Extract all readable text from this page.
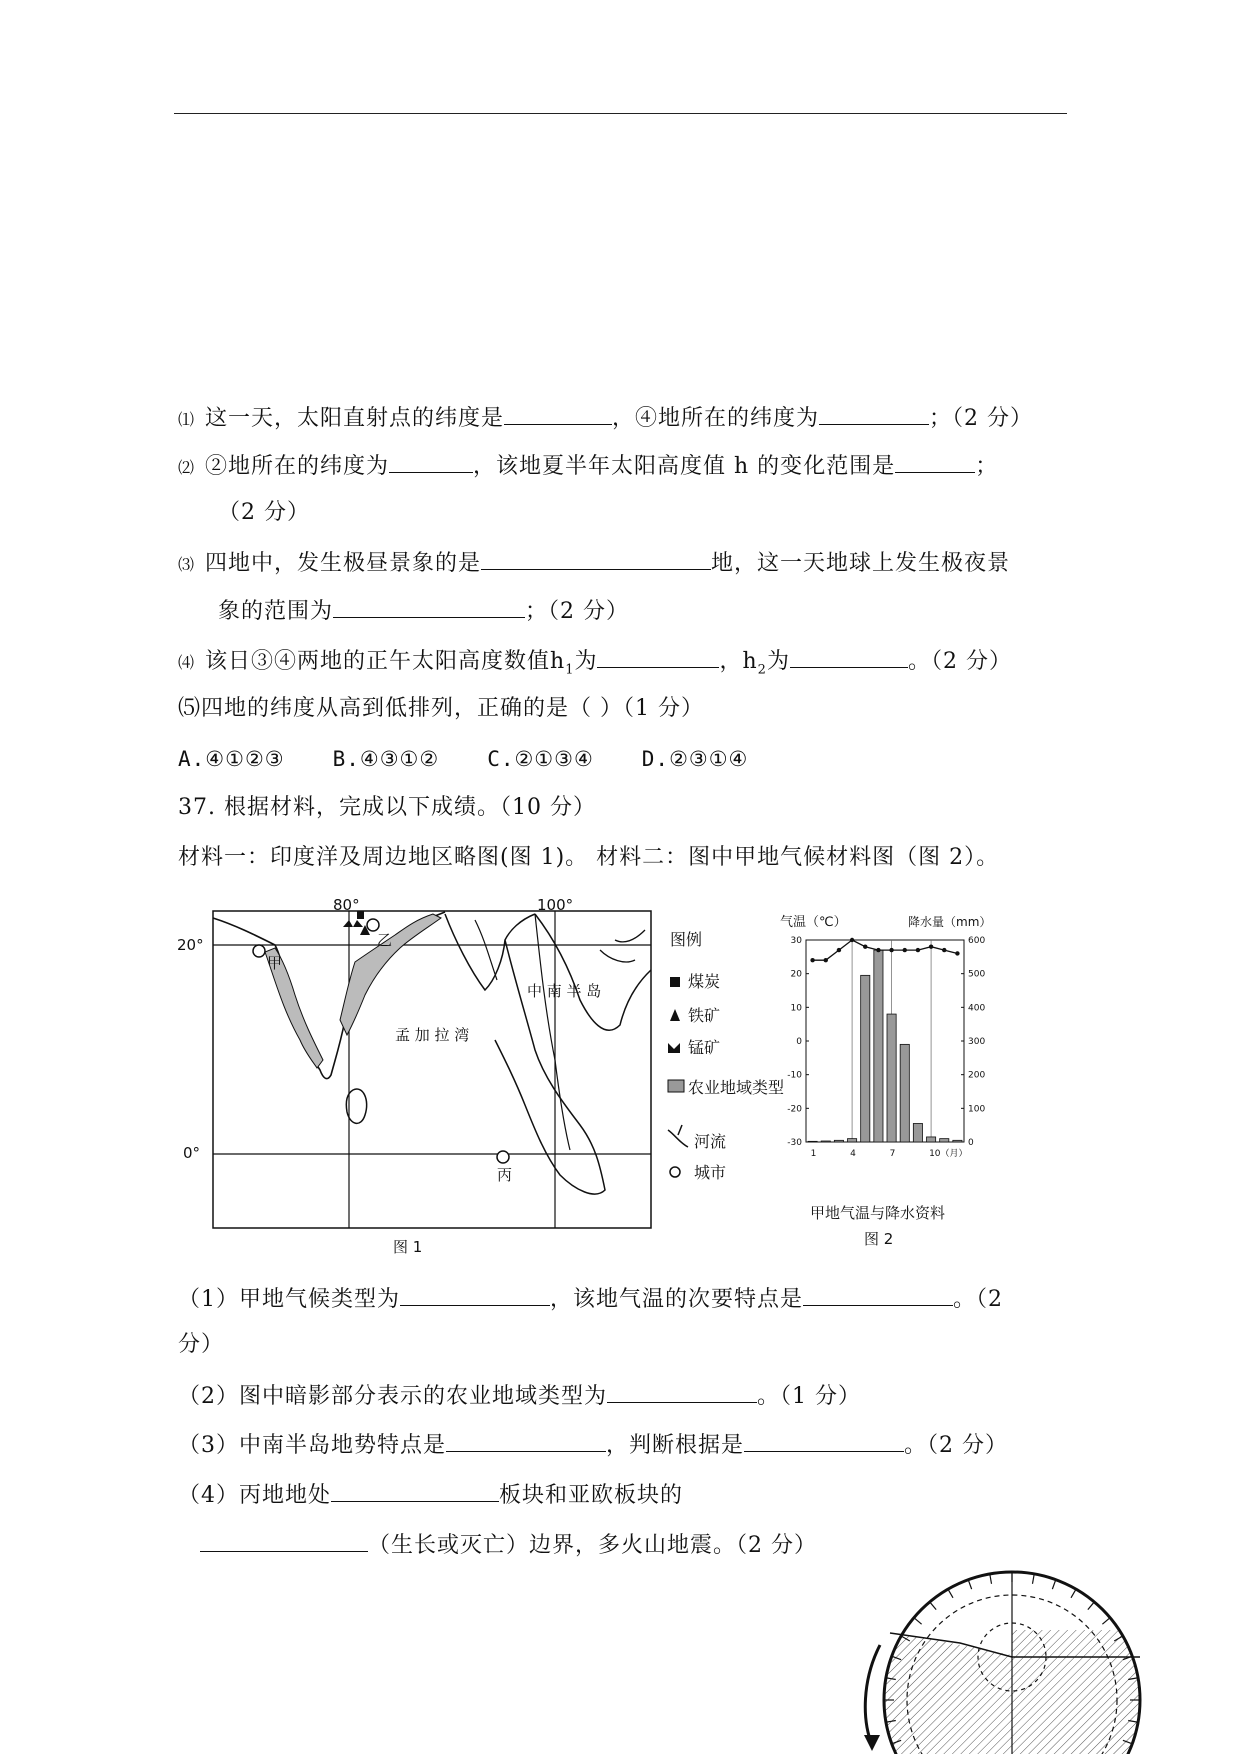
⑴ 这一天，太阳直射点的纬度是	，④地所在的纬度为	；（2 分）
⑵ ②地所在的纬度为	，该地夏半年太阳高度值 h 的变化范围是	；
（2 分）
⑶ 四地中，发生极昼景象的是	地，这一天地球上发生极夜景
象的范围为	；（2 分）
⑷ 该日③④两地的正午太阳高度数值$h_1$为	，$h_2$为	。（2 分）
⑸四地的纬度从高到低排列，正确的是（ ）（1 分）
A.④①②③ B.④③①② C.②①③④ D.②③①④
37. 根据材料，完成以下成绩。（10 分）
材料一：印度洋及周边地区略图(图 1)。 材料二：图中甲地气候材料图（图 2）。
80°	100°
20°
0°
甲
乙
丙
中 南 半 岛
孟 加 拉 湾
图 1
图例
煤炭
铁矿
锰矿
农业地域类型
河流
城市
气温（℃）	降水量（mm）
30
20
10
0
-10
-20
-30
600
500
400
300
200
100
0
1	4	7	10（月）
甲地气温与降水资料
图 2
（1）甲地气候类型为	，该地气温的次要特点是	。（2
分）
（2）图中暗影部分表示的农业地域类型为	。（1 分）
（3）中南半岛地势特点是	，判断根据是	。（2 分）
（4）丙地地处	板块和亚欧板块的
（生长或灭亡）边界，多火山地震。（2 分）
